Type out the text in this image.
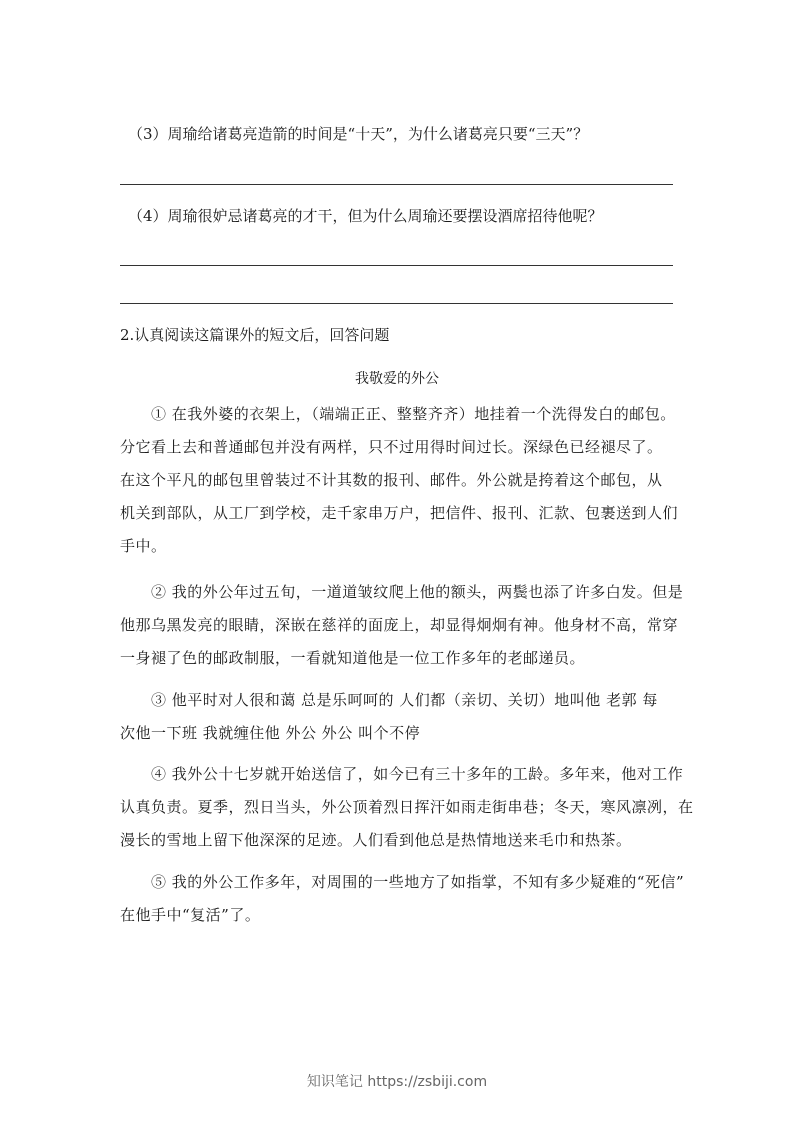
（3）周瑜给诸葛亮造箭的时间是“十天”，为什么诸葛亮只要“三天”？
（4）周瑜很妒忌诸葛亮的才干，但为什么周瑜还要摆设酒席招待他呢？
2.认真阅读这篇课外的短文后，回答问题
我敬爱的外公
　　① 在我外婆的衣架上，（端端正正、整整齐齐）地挂着一个洗得发白的邮包。
分它看上去和普通邮包并没有两样，只不过用得时间过长。深绿色已经褪尽了。
在这个平凡的邮包里曾装过不计其数的报刊、邮件。外公就是挎着这个邮包，从
机关到部队，从工厂到学校，走千家串万户，把信件、报刊、汇款、包裹送到人们
手中。
　　② 我的外公年过五旬，一道道皱纹爬上他的额头，两鬓也添了许多白发。但是
他那乌黑发亮的眼睛，深嵌在慈祥的面庞上，却显得炯炯有神。他身材不高，常穿
一身褪了色的邮政制服，一看就知道他是一位工作多年的老邮递员。
　　③ 他平时对人很和蔼 总是乐呵呵的 人们都（亲切、关切）地叫他 老郭 每
次他一下班 我就缠住他 外公 外公 叫个不停
　　④ 我外公十七岁就开始送信了，如今已有三十多年的工龄。多年来，他对工作
认真负责。夏季，烈日当头，外公顶着烈日挥汗如雨走街串巷；冬天，寒风凛冽，在
漫长的雪地上留下他深深的足迹。人们看到他总是热情地送来毛巾和热茶。
　　⑤ 我的外公工作多年，对周围的一些地方了如指掌，不知有多少疑难的“死信”
在他手中“复活”了。
知识笔记 https://zsbiji.com
